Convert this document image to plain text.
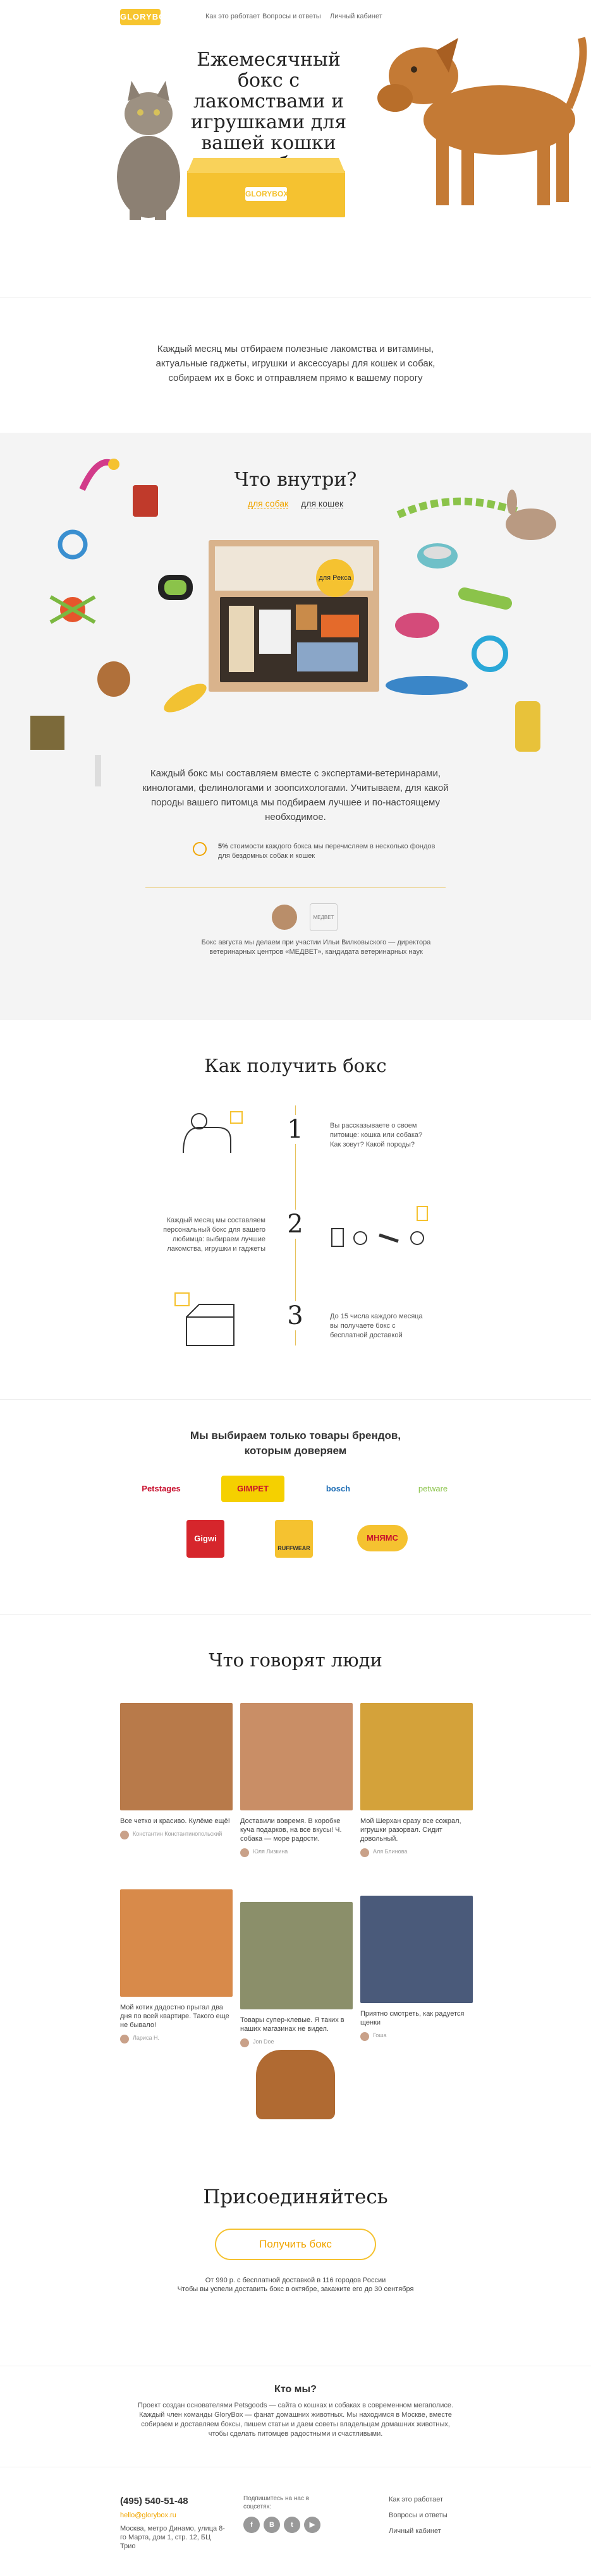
GLORYBOX	Как это работает Вопросы и ответы Личный кабинет
Ежемесячный бокс с лакомствами и игрушками для вашей кошки
GLORYBOX

Каждый месяц мы отбираем полезные лакомства и витамины, актуальные гаджеты, игрушки и аксессуары для кошек и собак, собираем их в бокс и отправляем прямо к вашему порогу

Что внутри?
для собак для кошек
для Рекса
Каждый бокс мы составляем вместе с экспертами-ветеринарами, кинологами, фелинологами и зоопсихологами. Учитываем, для какой породы вашего питомца мы подбираем лучшее и по-настоящему необходимое.
5% стоимости каждого бокса мы перечисляем в несколько фондов для бездомных собак и кошек
МЕДВЕТ

Бокс августа мы делаем при участии Ильи Вилковыского — директора ветеринарных центров «МЕДВЕТ», кандидата ветеринарных наук

Как получить бокс
1	Вы рассказываете о своем питомце: кошка или собака? Как зовут? Какой породы?
2
Каждый месяц мы составляем персональный бокс для вашего любимца: выбираем лучшие лакомства, игрушки и гаджеты
3	До 15 числа каждого месяца вы получаете бокс с бесплатной доставкой
Мы выбираем только товары брендов, которым доверяем
Petstages	GIMPET	bosch	petware
Gigwi
RUFFWEAR
МНЯМС
Что говорят люди
Все четко и красиво. Кулёме ещё!
Константин Константинопольский
Доставили вовремя. В коробке куча подарков, на все вкусы! Ч. собака — море радости.
Юля Лизкина
Мой Шерхан сразу все сожрал, игрушки разорвал. Сидит довольный.
Аля Блинова
Мой котик дадостно прыгал два дня по всей квартире. Такого еще не бывало!
Лариса Н.
Товары супер-клевые. Я таких в наших магазинах не видел.
Jon Doe
Приятно смотреть, как радуется щенки
Гоша
Присоединяйтесь
Получить бокс
От 990 р. с бесплатной доставкой в 116 городов России
Чтобы вы успели доставить бокс в октябре, закажите его до 30 сентября
Кто мы?

Проект создан основателями Petsgoods — сайта о кошках и собаках в современном мегаполисе. Каждый член команды GloryBox — фанат домашних животных. Мы находимся в Москве, вместе собираем и доставляем боксы, пишем статьи и даем советы владельцам домашних животных, чтобы сделать питомцев радостными и счастливыми.

(495) 540-51-48
hello@glorybox.ru
Москва, метро Динамо, улица 8-го Марта, дом 1, стр. 12, БЦ Трио
Подпишитесь на нас в соцсетях:
f В t ▶
Как это работает
Вопросы и ответы
Личный кабинет
